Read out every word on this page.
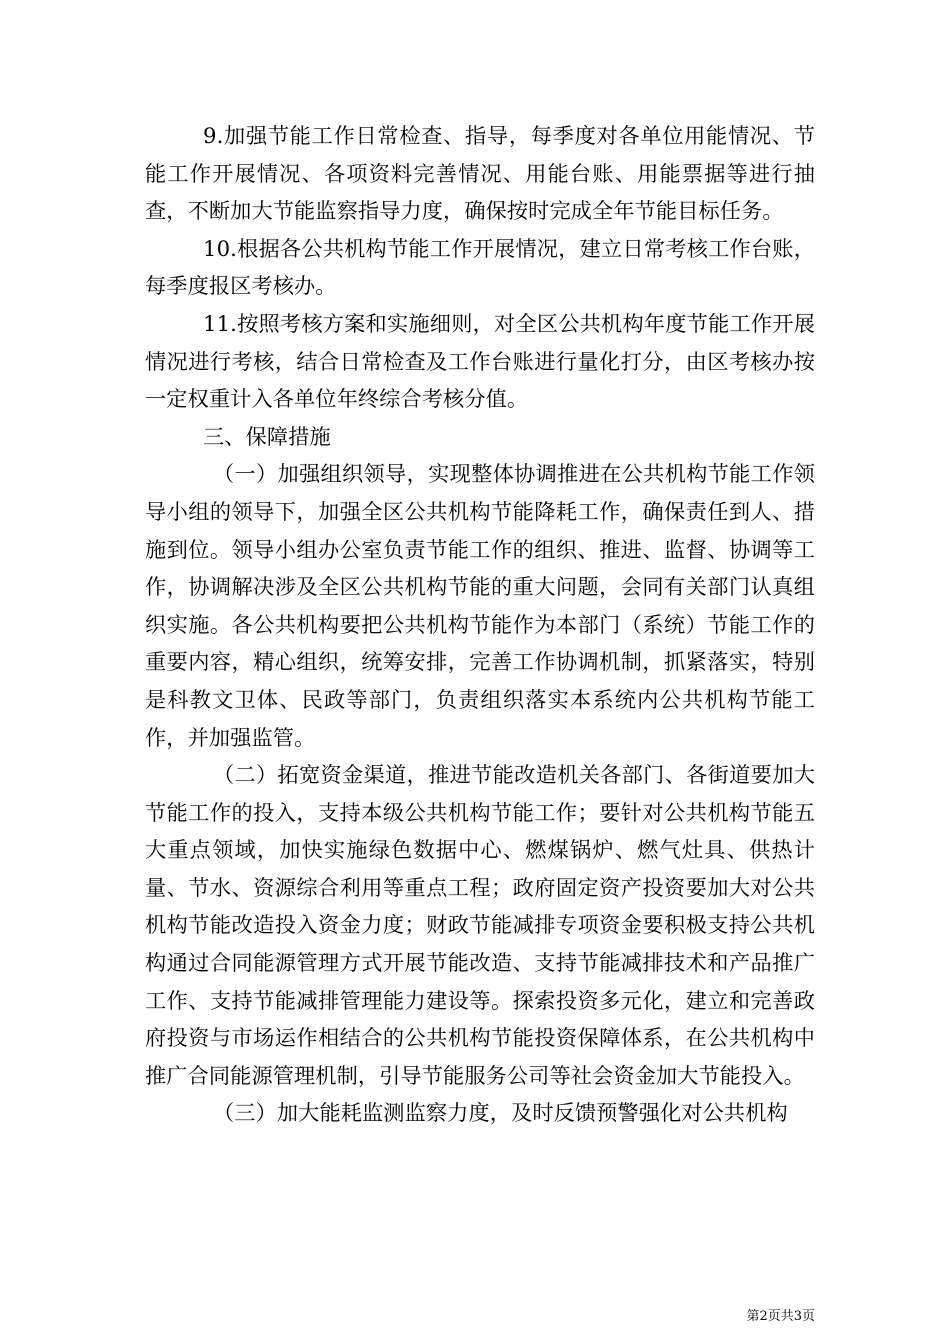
9.加强节能工作日常检查、指导，每季度对各单位用能情况、节能工作开展情况、各项资料完善情况、用能台账、用能票据等进行抽查，不断加大节能监察指导力度，确保按时完成全年节能目标任务。

10.根据各公共机构节能工作开展情况，建立日常考核工作台账，每季度报区考核办。

11.按照考核方案和实施细则，对全区公共机构年度节能工作开展情况进行考核，结合日常检查及工作台账进行量化打分，由区考核办按一定权重计入各单位年终综合考核分值。

三、保障措施

（一）加强组织领导，实现整体协调推进在公共机构节能工作领导小组的领导下，加强全区公共机构节能降耗工作，确保责任到人、措施到位。领导小组办公室负责节能工作的组织、推进、监督、协调等工作，协调解决涉及全区公共机构节能的重大问题，会同有关部门认真组织实施。各公共机构要把公共机构节能作为本部门（系统）节能工作的重要内容，精心组织，统筹安排，完善工作协调机制，抓紧落实，特别是科教文卫体、民政等部门，负责组织落实本系统内公共机构节能工作，并加强监管。

（二）拓宽资金渠道，推进节能改造机关各部门、各街道要加大节能工作的投入，支持本级公共机构节能工作；要针对公共机构节能五大重点领域，加快实施绿色数据中心、燃煤锅炉、燃气灶具、供热计量、节水、资源综合利用等重点工程；政府固定资产投资要加大对公共机构节能改造投入资金力度；财政节能减排专项资金要积极支持公共机构通过合同能源管理方式开展节能改造、支持节能减排技术和产品推广工作、支持节能减排管理能力建设等。探索投资多元化，建立和完善政府投资与市场运作相结合的公共机构节能投资保障体系，在公共机构中推广合同能源管理机制，引导节能服务公司等社会资金加大节能投入。

（三）加大能耗监测监察力度，及时反馈预警强化对公共机构

第2页共3页
